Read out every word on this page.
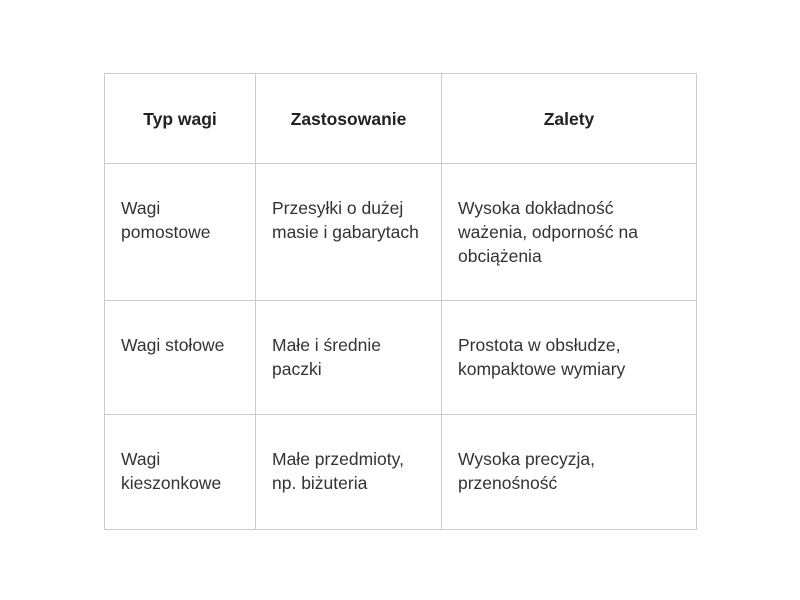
Typ wagi	Zastosowanie	Zalety
Wagi pomostowe	Przesyłki o dużej masie i gabarytach	Wysoka dokładność ważenia, odporność na obciążenia
Wagi stołowe	Małe i średnie paczki	Prostota w obsłudze, kompaktowe wymiary
Wagi kieszonkowe	Małe przedmioty, np. biżuteria	Wysoka precyzja, przenośność
